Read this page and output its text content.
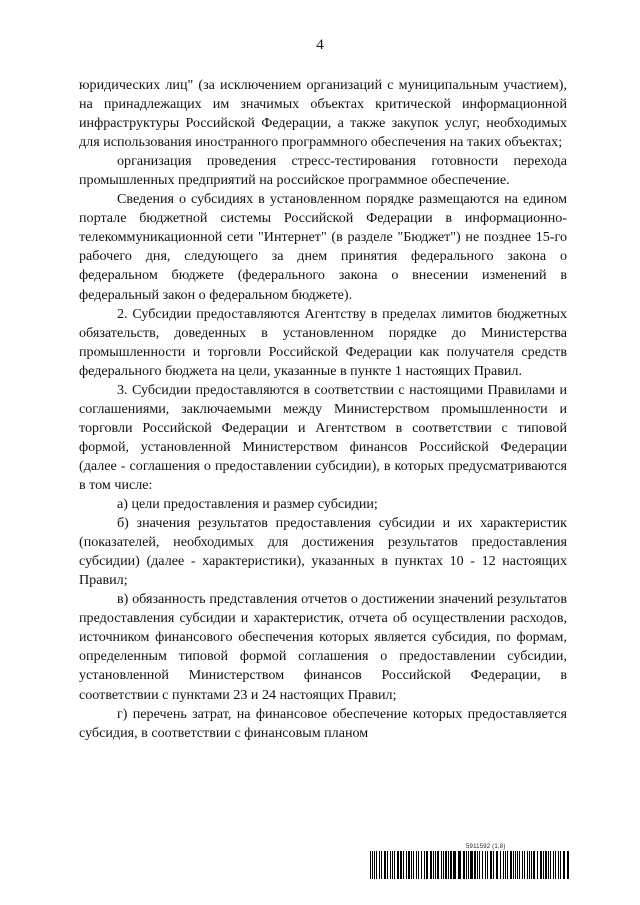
4

юридических лиц" (за исключением организаций с муниципальным участием), на принадлежащих им значимых объектах критической информационной инфраструктуры Российской Федерации, а также закупок услуг, необходимых для использования иностранного программного обеспечения на таких объектах;

организация проведения стресс-тестирования готовности перехода промышленных предприятий на российское программное обеспечение.

Сведения о субсидиях в установленном порядке размещаются на едином портале бюджетной системы Российской Федерации в информационно-телекоммуникационной сети "Интернет" (в разделе "Бюджет") не позднее 15-го рабочего дня, следующего за днем принятия федерального закона о федеральном бюджете (федерального закона о внесении изменений в федеральный закон о федеральном бюджете).

2. Субсидии предоставляются Агентству в пределах лимитов бюджетных обязательств, доведенных в установленном порядке до Министерства промышленности и торговли Российской Федерации как получателя средств федерального бюджета на цели, указанные в пункте 1 настоящих Правил.

3. Субсидии предоставляются в соответствии с настоящими Правилами и соглашениями, заключаемыми между Министерством промышленности и торговли Российской Федерации и Агентством в соответствии с типовой формой, установленной Министерством финансов Российской Федерации (далее - соглашения о предоставлении субсидии), в которых предусматриваются в том числе:

а) цели предоставления и размер субсидии;

б) значения результатов предоставления субсидии и их характеристик (показателей, необходимых для достижения результатов предоставления субсидии) (далее - характеристики), указанных в пунктах 10 - 12 настоящих Правил;

в) обязанность представления отчетов о достижении значений результатов предоставления субсидии и характеристик, отчета об осуществлении расходов, источником финансового обеспечения которых является субсидия, по формам, определенным типовой формой соглашения о предоставлении субсидии, установленной Министерством финансов Российской Федерации, в соответствии с пунктами 23 и 24 настоящих Правил;

г) перечень затрат, на финансовое обеспечение которых предоставляется субсидия, в соответствии с финансовым планом

5911592 (1.8)
